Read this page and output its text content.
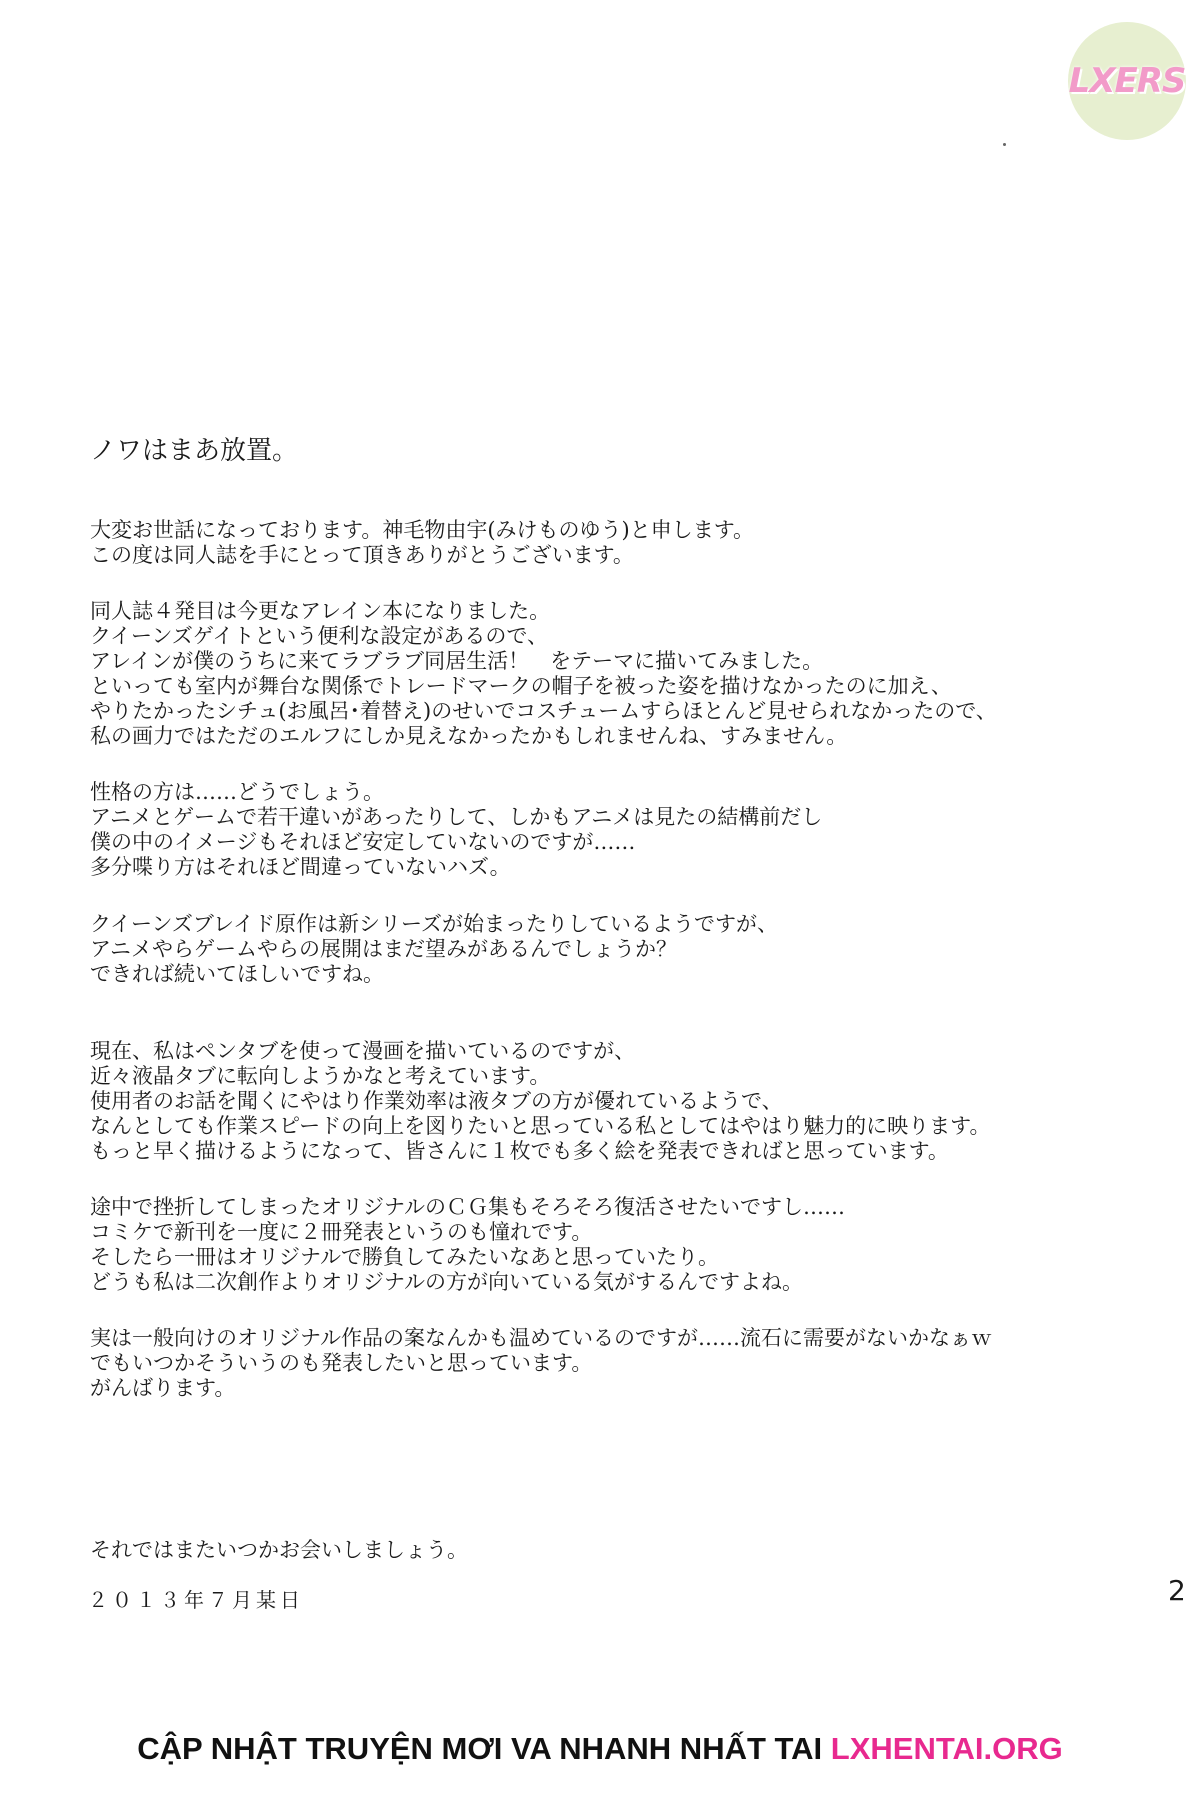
LXERS
ノワはまあ放置。

大変お世話になっております。神毛物由宇(みけものゆう)と申します。
この度は同人誌を手にとって頂きありがとうございます。

同人誌４発目は今更なアレイン本になりました。
クイーンズゲイトという便利な設定があるので、
アレインが僕のうちに来てラブラブ同居生活！　をテーマに描いてみました。
といっても室内が舞台な関係でトレードマークの帽子を被った姿を描けなかったのに加え、
やりたかったシチュ(お風呂･着替え)のせいでコスチュームすらほとんど見せられなかったので、
私の画力ではただのエルフにしか見えなかったかもしれませんね、すみません。

性格の方は……どうでしょう。
アニメとゲームで若干違いがあったりして、しかもアニメは見たの結構前だし
僕の中のイメージもそれほど安定していないのですが……
多分喋り方はそれほど間違っていないハズ。

クイーンズブレイド原作は新シリーズが始まったりしているようですが、
アニメやらゲームやらの展開はまだ望みがあるんでしょうか？
できれば続いてほしいですね。

現在、私はペンタブを使って漫画を描いているのですが、
近々液晶タブに転向しようかなと考えています。
使用者のお話を聞くにやはり作業効率は液タブの方が優れているようで、
なんとしても作業スピードの向上を図りたいと思っている私としてはやはり魅力的に映ります。
もっと早く描けるようになって、皆さんに１枚でも多く絵を発表できればと思っています。

途中で挫折してしまったオリジナルのＣＧ集もそろそろ復活させたいですし……
コミケで新刊を一度に２冊発表というのも憧れです。
そしたら一冊はオリジナルで勝負してみたいなあと思っていたり。
どうも私は二次創作よりオリジナルの方が向いている気がするんですよね。

実は一般向けのオリジナル作品の案なんかも温めているのですが……流石に需要がないかなぁｗ
でもいつかそういうのも発表したいと思っています。
がんばります。

それではまたいつかお会いしましょう。

２０１３年７月某日	2
CẬP NHẬT TRUYỆN MƠI VA NHANH NHẤT TAI LXHENTAI.ORG
